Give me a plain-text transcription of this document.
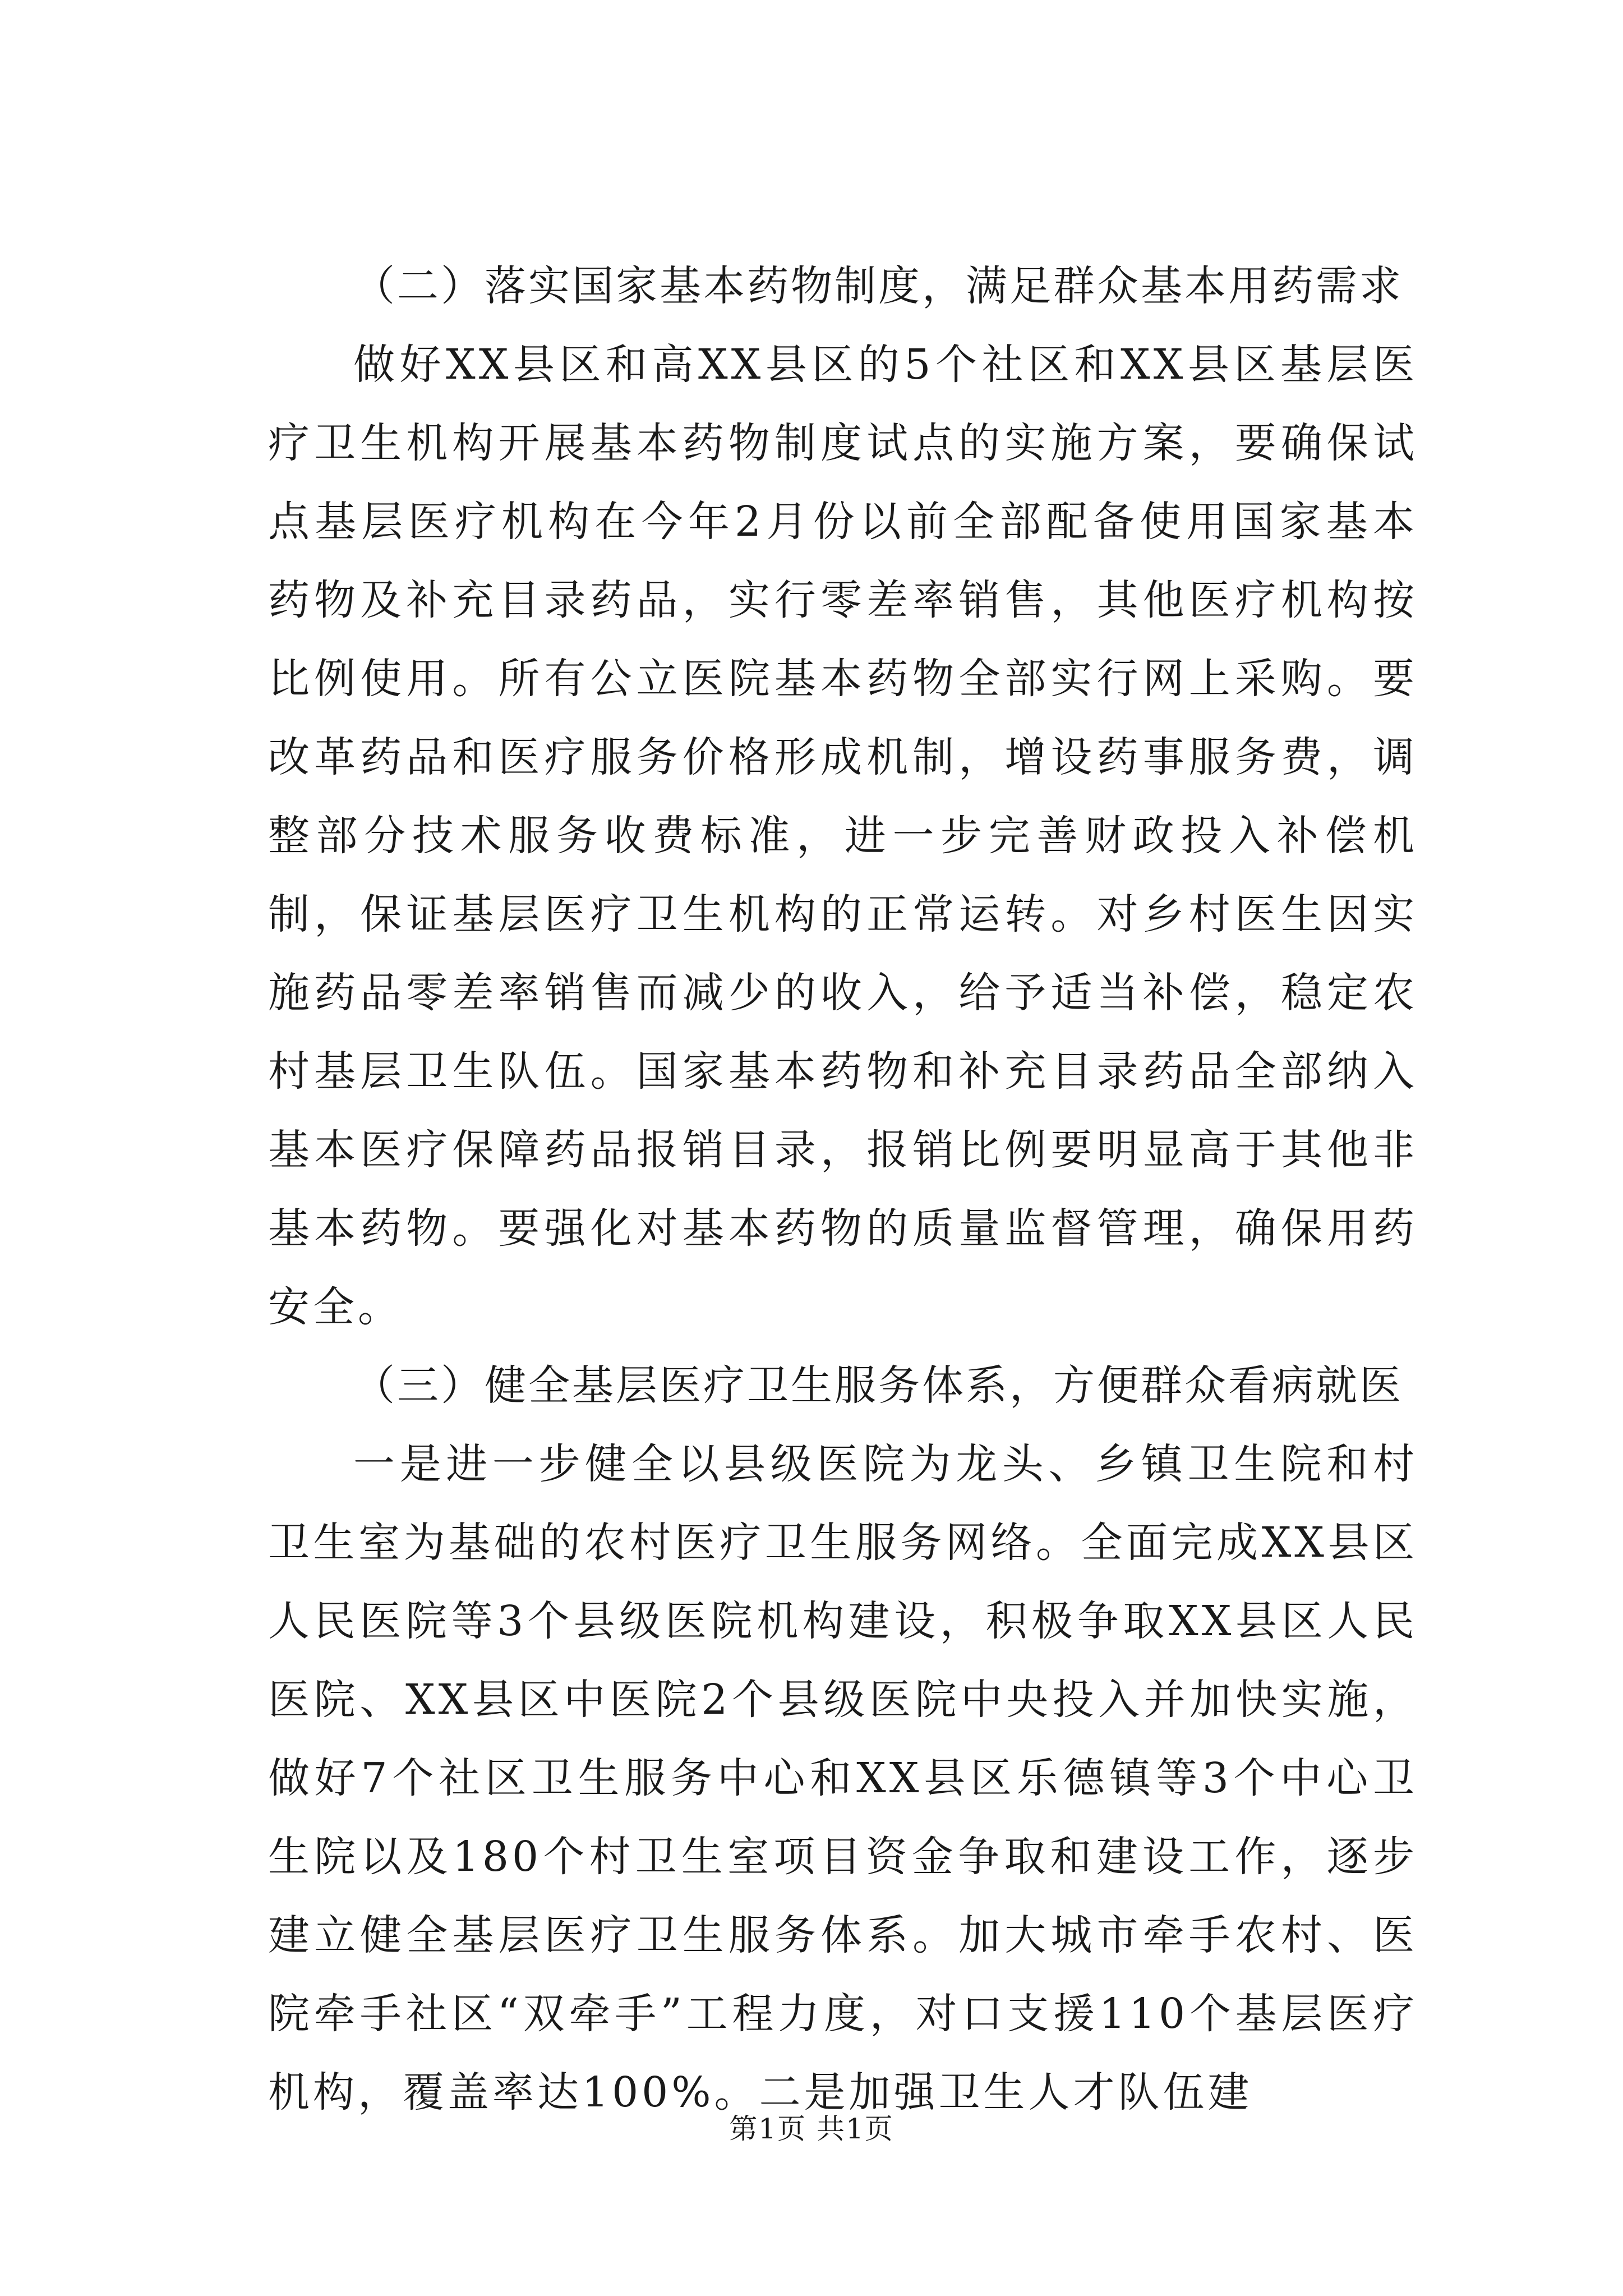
（二）落实国家基本药物制度，满足群众基本用药需求

做好XX县区和高XX县区的5个社区和XX县区基层医疗卫生机构开展基本药物制度试点的实施方案，要确保试点基层医疗机构在今年2月份以前全部配备使用国家基本药物及补充目录药品，实行零差率销售，其他医疗机构按比例使用。所有公立医院基本药物全部实行网上采购。要改革药品和医疗服务价格形成机制，增设药事服务费，调整部分技术服务收费标准，进一步完善财政投入补偿机制，保证基层医疗卫生机构的正常运转。对乡村医生因实施药品零差率销售而减少的收入，给予适当补偿，稳定农村基层卫生队伍。国家基本药物和补充目录药品全部纳入基本医疗保障药品报销目录，报销比例要明显高于其他非基本药物。要强化对基本药物的质量监督管理，确保用药安全。

（三）健全基层医疗卫生服务体系，方便群众看病就医

一是进一步健全以县级医院为龙头、乡镇卫生院和村卫生室为基础的农村医疗卫生服务网络。全面完成XX县区人民医院等3个县级医院机构建设，积极争取XX县区人民医院、XX县区中医院2个县级医院中央投入并加快实施，做好7个社区卫生服务中心和XX县区乐德镇等3个中心卫生院以及180个村卫生室项目资金争取和建设工作，逐步建立健全基层医疗卫生服务体系。加大城市牵手农村、医院牵手社区“双牵手”工程力度，对口支援110个基层医疗机构，覆盖率达100%。二是加强卫生人才队伍建

第1页 共1页
